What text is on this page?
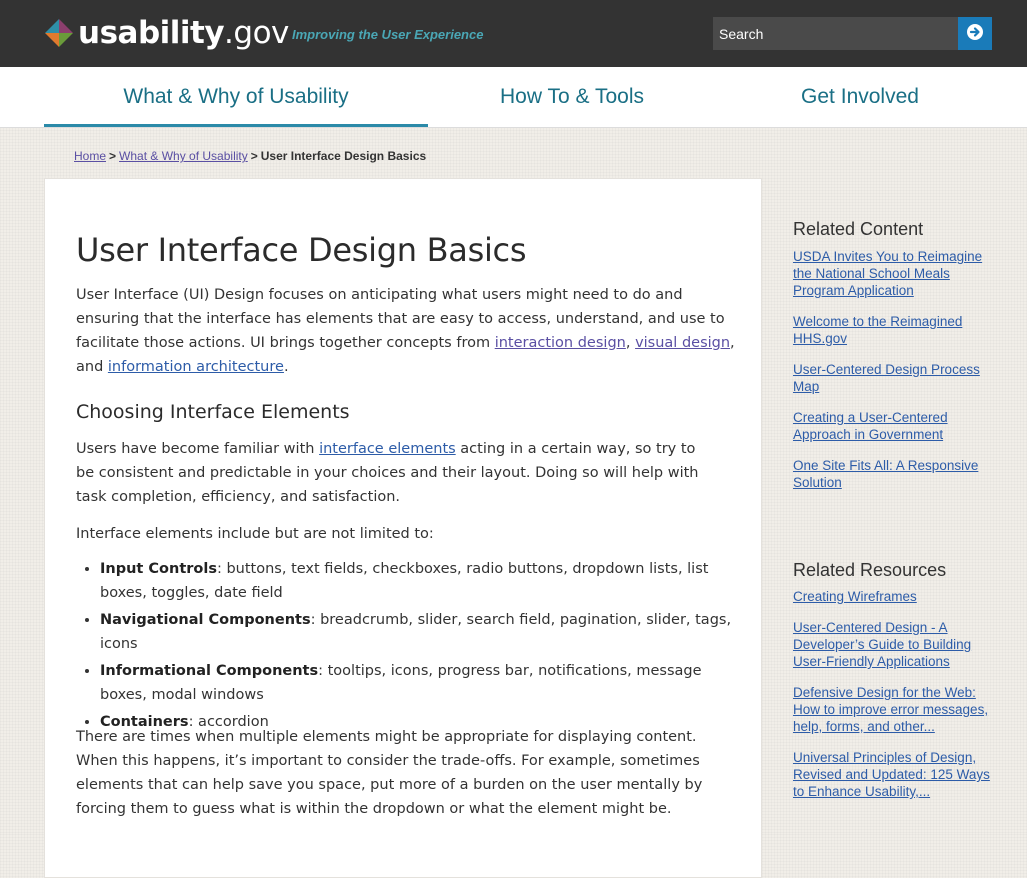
usability.gov Improving the User Experience
Search
What & Why of Usability	How To & Tools	Get Involved
Home > What & Why of Usability > User Interface Design Basics
User Interface Design Basics

User Interface (UI) Design focuses on anticipating what users might need to do and ensuring that the interface has elements that are easy to access, understand, and use to facilitate those actions. UI brings together concepts from interaction design, visual design, and information architecture.

Choosing Interface Elements

Users have become familiar with interface elements acting in a certain way, so try to be consistent and predictable in your choices and their layout. Doing so will help with task completion, efficiency, and satisfaction.

Interface elements include but are not limited to:

• Input Controls: buttons, text fields, checkboxes, radio buttons, dropdown lists, list boxes, toggles, date field
• Navigational Components: breadcrumb, slider, search field, pagination, slider, tags, icons
• Informational Components: tooltips, icons, progress bar, notifications, message boxes, modal windows
• Containers: accordion

There are times when multiple elements might be appropriate for displaying content. When this happens, it’s important to consider the trade-offs. For example, sometimes elements that can help save you space, put more of a burden on the user mentally by forcing them to guess what is within the dropdown or what the element might be.

Related Content
USDA Invites You to Reimagine the National School Meals Program Application
Welcome to the Reimagined HHS.gov
User-Centered Design Process Map
Creating a User-Centered Approach in Government
One Site Fits All: A Responsive Solution
Related Resources
Creating Wireframes
User-Centered Design - A Developer’s Guide to Building User-Friendly Applications
Defensive Design for the Web: How to improve error messages, help, forms, and other...
Universal Principles of Design, Revised and Updated: 125 Ways to Enhance Usability,...
